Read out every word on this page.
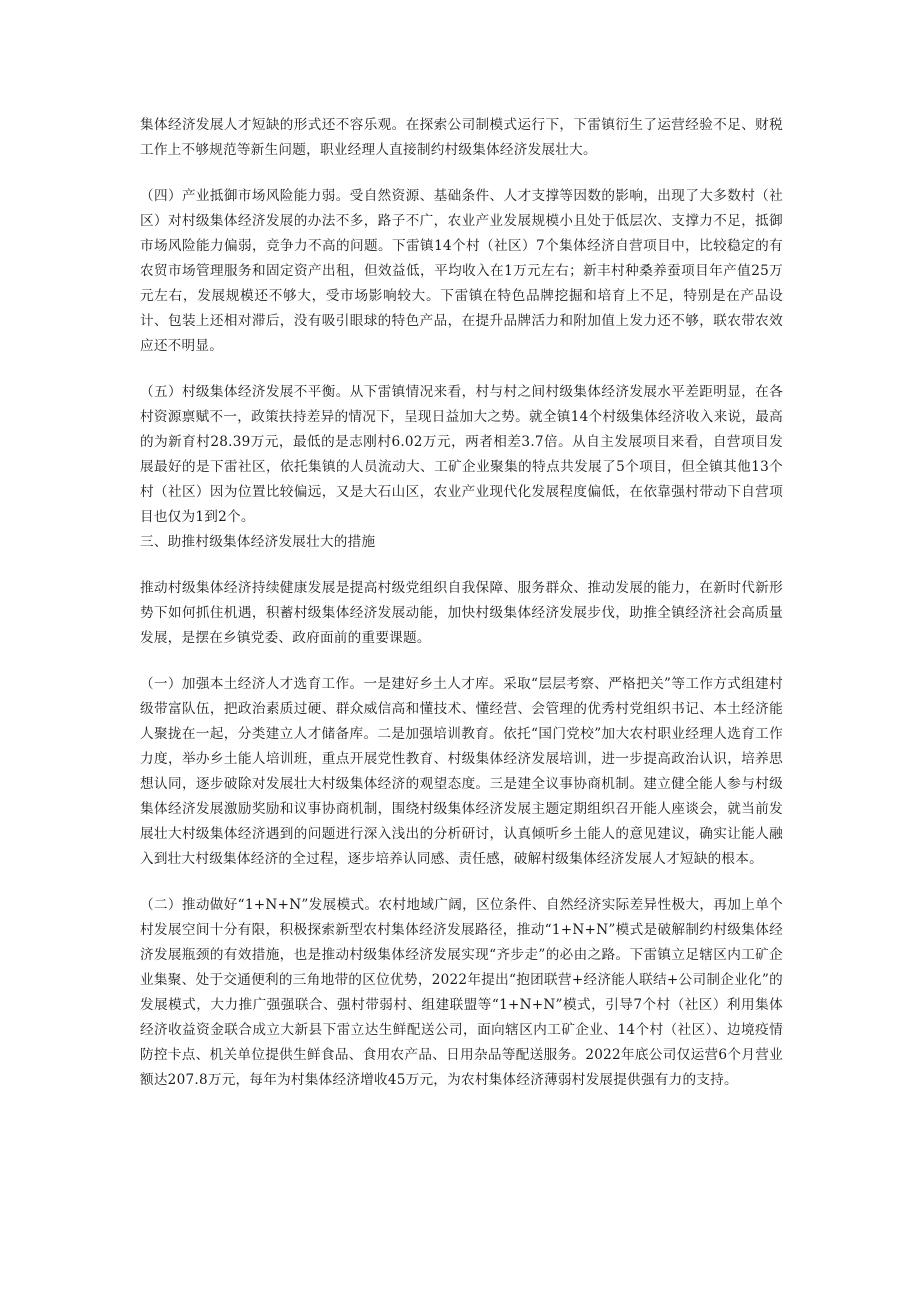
集体经济发展人才短缺的形式还不容乐观。在探索公司制模式运行下，下雷镇衍生了运营经验不足、财税工作上不够规范等新生问题，职业经理人直接制约村级集体经济发展壮大。

（四）产业抵御市场风险能力弱。受自然资源、基础条件、人才支撑等因数的影响，出现了大多数村（社区）对村级集体经济发展的办法不多，路子不广，农业产业发展规模小且处于低层次、支撑力不足，抵御市场风险能力偏弱，竞争力不高的问题。下雷镇14个村（社区）7个集体经济自营项目中，比较稳定的有农贸市场管理服务和固定资产出租，但效益低，平均收入在1万元左右；新丰村种桑养蚕项目年产值25万元左右，发展规模还不够大，受市场影响较大。下雷镇在特色品牌挖掘和培育上不足，特别是在产品设计、包装上还相对滞后，没有吸引眼球的特色产品，在提升品牌活力和附加值上发力还不够，联农带农效应还不明显。

（五）村级集体经济发展不平衡。从下雷镇情况来看，村与村之间村级集体经济发展水平差距明显，在各村资源禀赋不一，政策扶持差异的情况下，呈现日益加大之势。就全镇14个村级集体经济收入来说，最高的为新育村28.39万元，最低的是志刚村6.02万元，两者相差3.7倍。从自主发展项目来看，自营项目发展最好的是下雷社区，依托集镇的人员流动大、工矿企业聚集的特点共发展了5个项目，但全镇其他13个村（社区）因为位置比较偏远，又是大石山区，农业产业现代化发展程度偏低，在依靠强村带动下自营项目也仅为1到2个。

三、助推村级集体经济发展壮大的措施

推动村级集体经济持续健康发展是提高村级党组织自我保障、服务群众、推动发展的能力，在新时代新形势下如何抓住机遇，积蓄村级集体经济发展动能，加快村级集体经济发展步伐，助推全镇经济社会高质量发展，是摆在乡镇党委、政府面前的重要课题。

（一）加强本土经济人才选育工作。一是建好乡土人才库。采取“层层考察、严格把关”等工作方式组建村级带富队伍，把政治素质过硬、群众威信高和懂技术、懂经营、会管理的优秀村党组织书记、本土经济能人聚拢在一起，分类建立人才储备库。二是加强培训教育。依托“国门党校”加大农村职业经理人选育工作力度，举办乡土能人培训班，重点开展党性教育、村级集体经济发展培训，进一步提高政治认识，培养思想认同，逐步破除对发展壮大村级集体经济的观望态度。三是建全议事协商机制。建立健全能人参与村级集体经济发展激励奖励和议事协商机制，围绕村级集体经济发展主题定期组织召开能人座谈会，就当前发展壮大村级集体经济遇到的问题进行深入浅出的分析研讨，认真倾听乡土能人的意见建议，确实让能人融入到壮大村级集体经济的全过程，逐步培养认同感、责任感，破解村级集体经济发展人才短缺的根本。

（二）推动做好“1+N+N”发展模式。农村地域广阔，区位条件、自然经济实际差异性极大，再加上单个村发展空间十分有限，积极探索新型农村集体经济发展路径，推动“1+N+N”模式是破解制约村级集体经济发展瓶颈的有效措施，也是推动村级集体经济发展实现“齐步走”的必由之路。下雷镇立足辖区内工矿企业集聚、处于交通便利的三角地带的区位优势，2022年提出“抱团联营+经济能人联结+公司制企业化”的发展模式，大力推广强强联合、强村带弱村、组建联盟等“1+N+N”模式，引导7个村（社区）利用集体经济收益资金联合成立大新县下雷立达生鲜配送公司，面向辖区内工矿企业、14个村（社区）、边境疫情防控卡点、机关单位提供生鲜食品、食用农产品、日用杂品等配送服务。2022年底公司仅运营6个月营业额达207.8万元，每年为村集体经济增收45万元，为农村集体经济薄弱村发展提供强有力的支持。
